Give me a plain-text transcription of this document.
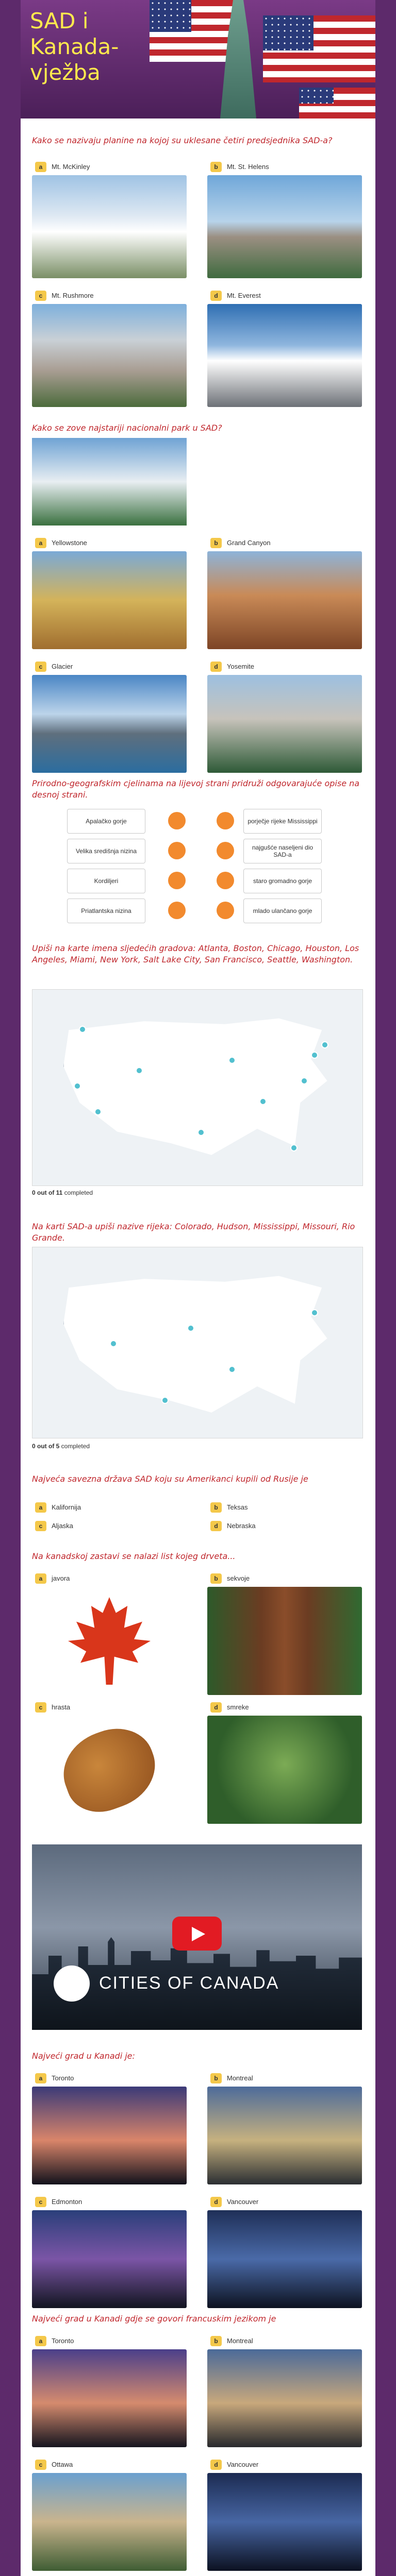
SAD i Kanada-vježba
Kako se nazivaju planine na kojoj su uklesane četiri predsjednika SAD-a?
a	Mt. McKinley	b	Mt. St. Helens
c	Mt. Rushmore	d	Mt. Everest
Kako se zove najstariji nacionalni park u SAD?
a	Yellowstone	b	Grand Canyon
c	Glacier	d	Yosemite
Prirodno-geografskim cjelinama na lijevoj strani pridruži odgovarajuće opise na desnoj strani.
Apalačko gorje	porječje rijeke Mississippi
Velika središnja nizina	najgušće naseljeni dio SAD-a
Kordiljeri	staro gromadno gorje
Priatlantska nizina	mlado ulančano gorje
Upiši na karte imena sljedećih gradova: Atlanta, Boston, Chicago, Houston, Los Angeles, Miami, New York, Salt Lake City, San Francisco, Seattle, Washington.
0 out of 11 completed
Na karti SAD-a upiši nazive rijeka: Colorado, Hudson, Mississippi, Missouri, Rio Grande.
0 out of 5 completed
Najveća savezna država SAD koju su Amerikanci kupili od Rusije je
a	Kalifornija	b	Teksas
c	Aljaska	d	Nebraska
Na kanadskoj zastavi se nalazi list kojeg drveta...
a	javora	b	sekvoje
c	hrasta	d	smreke
CITIES OF CANADA
Najveći grad u Kanadi je:
a	Toronto	b	Montreal
c	Edmonton	d	Vancouver
Najveći grad u Kanadi gdje se govori francuskim jezikom je
a	Toronto	b	Montreal
c	Ottawa	d	Vancouver
